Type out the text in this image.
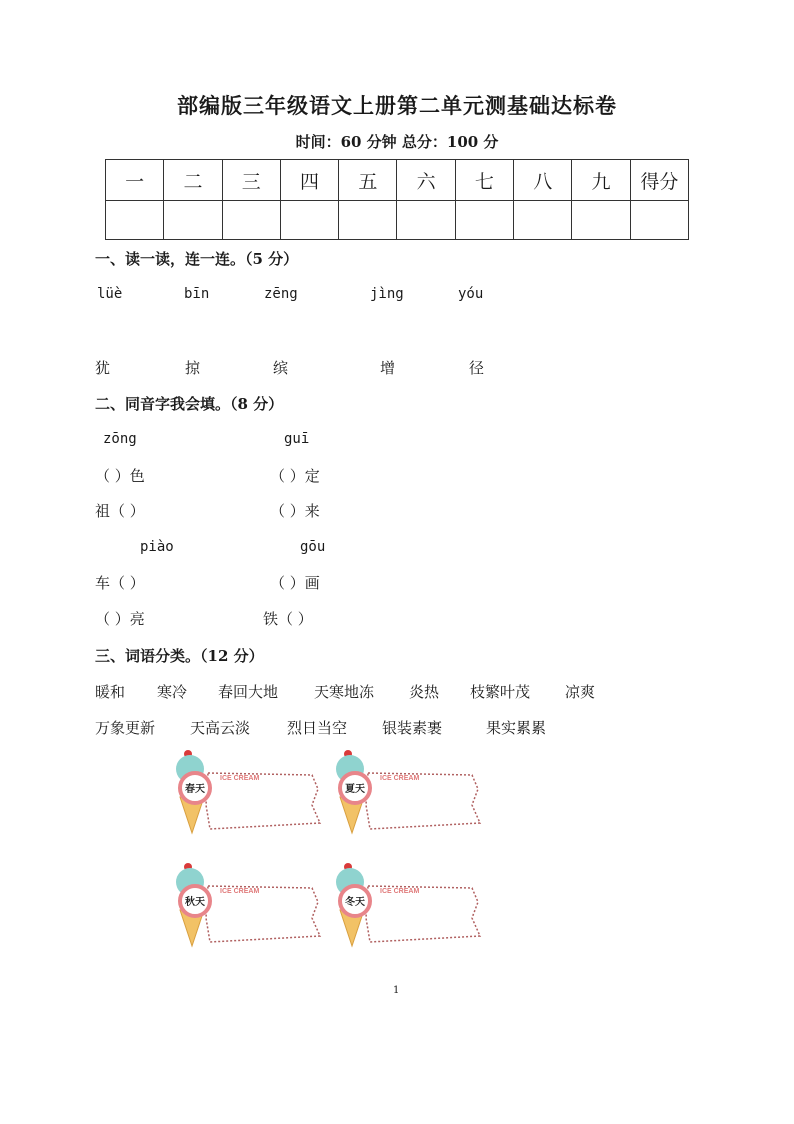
部编版三年级语文上册第二单元测基础达标卷
时间：60 分钟 总分：100 分
一	二	三	四	五	六	七	八	九	得分

一、读一读，连一连。（5 分）
lüè	bīn	zēng	jìng	yóu
犹	掠	缤	增	径
二、同音字我会填。（8 分）
zōng	guī
（ ）色	（ ）定
祖（ ）	（ ）来
piào	gōu
车（ ）	（ ）画
（ ）亮	铁（ ）
三、词语分类。（12 分）
暖和 寒冷 春回大地 天寒地冻 炎热 枝繁叶茂 凉爽
万象更新 天高云淡 烈日当空 银装素裹	果实累累
ICE CREAM
春天
ICE CREAM
夏天
ICE CREAM
秋天
ICE CREAM
冬天
1
